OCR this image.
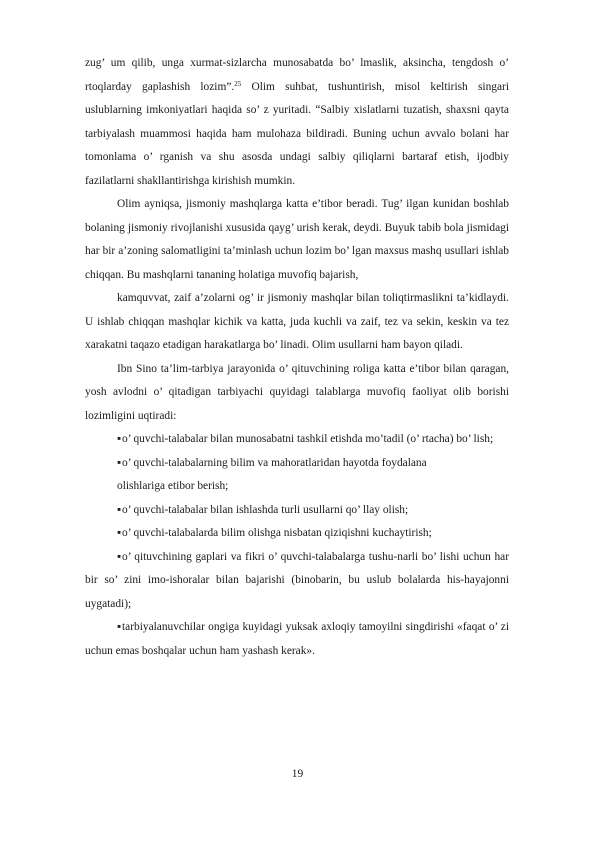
zug’ um qilib, unga xurmat-sizlarcha munosabatda bo’ lmaslik, aksincha, tengdosh o’ rtoqlarday gaplashish lozim”.$^{25}$ Olim suhbat, tushuntirish, misol keltirish singari uslublarning imkoniyatlari haqida so’ z yuritadi. “Salbiy xislatlarni tuzatish, shaxsni qayta tarbiyalash muammosi haqida ham mulohaza bildiradi. Buning uchun avvalo bolani har tomonlama o’ rganish va shu asosda undagi salbiy qiliqlarni bartaraf etish, ijodbiy fazilatlarni shakllantirishga kirishish mumkin.

Olim ayniqsa, jismoniy mashqlarga katta e’tibor beradi. Tug’ ilgan kunidan boshlab bolaning jismoniy rivojlanishi xususida qayg’ urish kerak, deydi. Buyuk tabib bola jismidagi har bir a’zoning salomatligini ta’minlash uchun lozim bo’ lgan maxsus mashq usullari ishlab chiqqan. Bu mashqlarni tananing holatiga muvofiq bajarish,

kamquvvat, zaif a’zolarni og’ ir jismoniy mashqlar bilan toliqtirmaslikni ta’kidlaydi. U ishlab chiqqan mashqlar kichik va katta, juda kuchli va zaif, tez va sekin, keskin va tez xarakatni taqazo etadigan harakatlarga bo’ linadi. Olim usullarni ham bayon qiladi.

Ibn Sino ta’lim-tarbiya jarayonida o’ qituvchining roliga katta e’tibor bilan qaragan, yosh avlodni o’ qitadigan tarbiyachi quyidagi talablarga muvofiq faoliyat olib borishi lozimligini uqtiradi:

▪o’ quvchi-talabalar bilan munosabatni tashkil etishda mo’tadil (o’ rtacha) bo’ lish;

▪o’ quvchi-talabalarning bilim va mahoratlaridan hayotda foydalana

olishlariga etibor berish;

▪o’ quvchi-talabalar bilan ishlashda turli usullarni qo’ llay olish;

▪o’ quvchi-talabalarda bilim olishga nisbatan qiziqishni kuchaytirish;

▪o’ qituvchining gaplari va fikri o’ quvchi-talabalarga tushu-narli bo’ lishi uchun har bir so’ zini imo-ishoralar bilan bajarishi (binobarin, bu uslub bolalarda his-hayajonni uygatadi);

▪tarbiyalanuvchilar ongiga kuyidagi yuksak axloqiy tamoyilni singdirishi «faqat o’ zi uchun emas boshqalar uchun ham yashash kerak».

19
